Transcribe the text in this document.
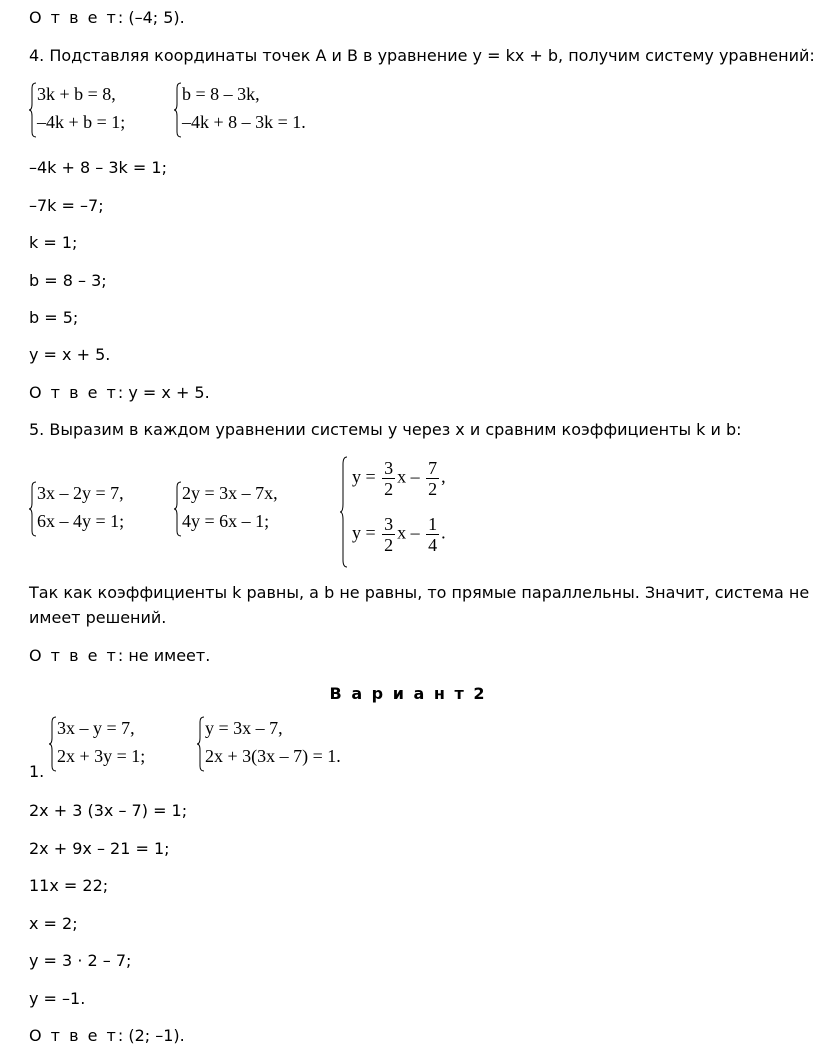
О т в е т: (–4; 5).
4. Подставляя координаты точек A и B в уравнение y = kx + b, получим систему уравнений:
3k + b = 8,
–4k + b = 1;
b = 8 – 3k,
–4k + 8 – 3k = 1.
–4k + 8 – 3k = 1;
–7k = –7;
k = 1;
b = 8 – 3;
b = 5;
y = x + 5.
О т в е т: y = x + 5.
5. Выразим в каждом уравнении системы y через x и сравним коэффициенты k и b:
3x – 2y = 7,
6x – 4y = 1;
2y = 3x – 7x,
4y = 6x – 1;
$y = \frac{3}{2}$ x – $\frac{7}{2}$ ,
$y = \frac{3}{2}$ x – $\frac{1}{4}$ .
Так как коэффициенты k равны, а b не равны, то прямые параллельны. Значит, система не имеет решений.
О т в е т: не имеет.
В а р и а н т 2
1.
3x – y = 7,
2x + 3y = 1;
y = 3x – 7,
2x + 3(3x – 7) = 1.
2x + 3 (3x – 7) = 1;
2x + 9x – 21 = 1;
11x = 22;
x = 2;
y = 3 · 2 – 7;
y = –1.
О т в е т: (2; –1).
